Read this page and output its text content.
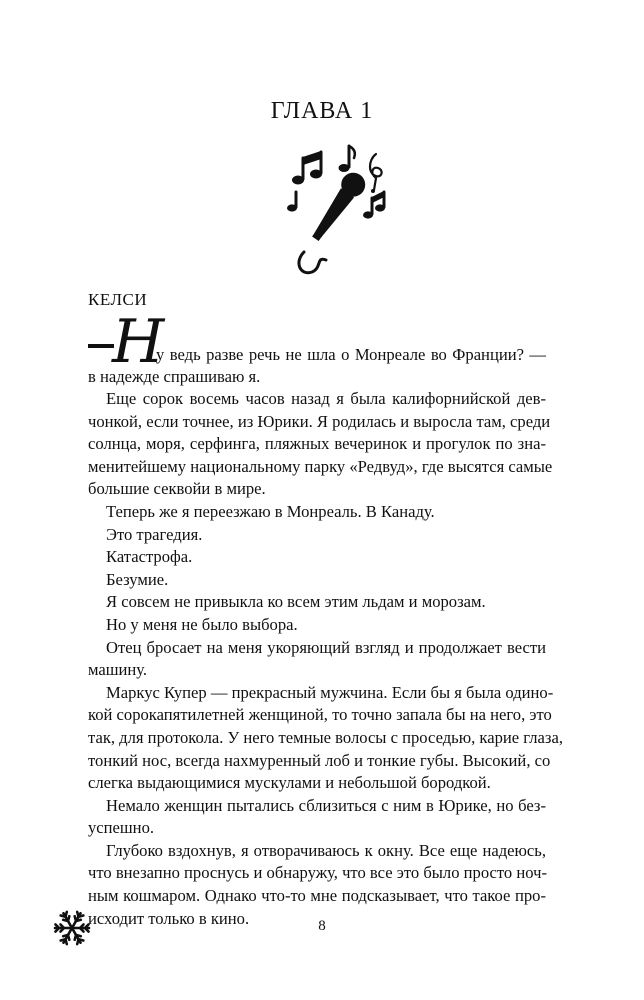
ГЛАВА 1
КЕЛСИ
Н
у ведь разве речь не шла о Монреале во Франции? —
в надежде спрашиваю я.
Еще сорок восемь часов назад я была калифорнийской дев-
чонкой, если точнее, из Юрики. Я родилась и выросла там, среди
солнца, моря, серфинга, пляжных вечеринок и прогулок по зна-
менитейшему национальному парку «Редвуд», где высятся самые
большие секвойи в мире.
Теперь же я переезжаю в Монреаль. В Канаду.
Это трагедия.
Катастрофа.
Безумие.
Я совсем не привыкла ко всем этим льдам и морозам.
Но у меня не было выбора.
Отец бросает на меня укоряющий взгляд и продолжает вести
машину.
Маркус Купер — прекрасный мужчина. Если бы я была одино-
кой сорокапятилетней женщиной, то точно запала бы на него, это
так, для протокола. У него темные волосы с проседью, карие глаза,
тонкий нос, всегда нахмуренный лоб и тонкие губы. Высокий, со
слегка выдающимися мускулами и небольшой бородкой.
Немало женщин пытались сблизиться с ним в Юрике, но без-
успешно.
Глубоко вздохнув, я отворачиваюсь к окну. Все еще надеюсь,
что внезапно проснусь и обнаружу, что все это было просто ноч-
ным кошмаром. Однако что-то мне подсказывает, что такое про-
исходит только в кино.	8
